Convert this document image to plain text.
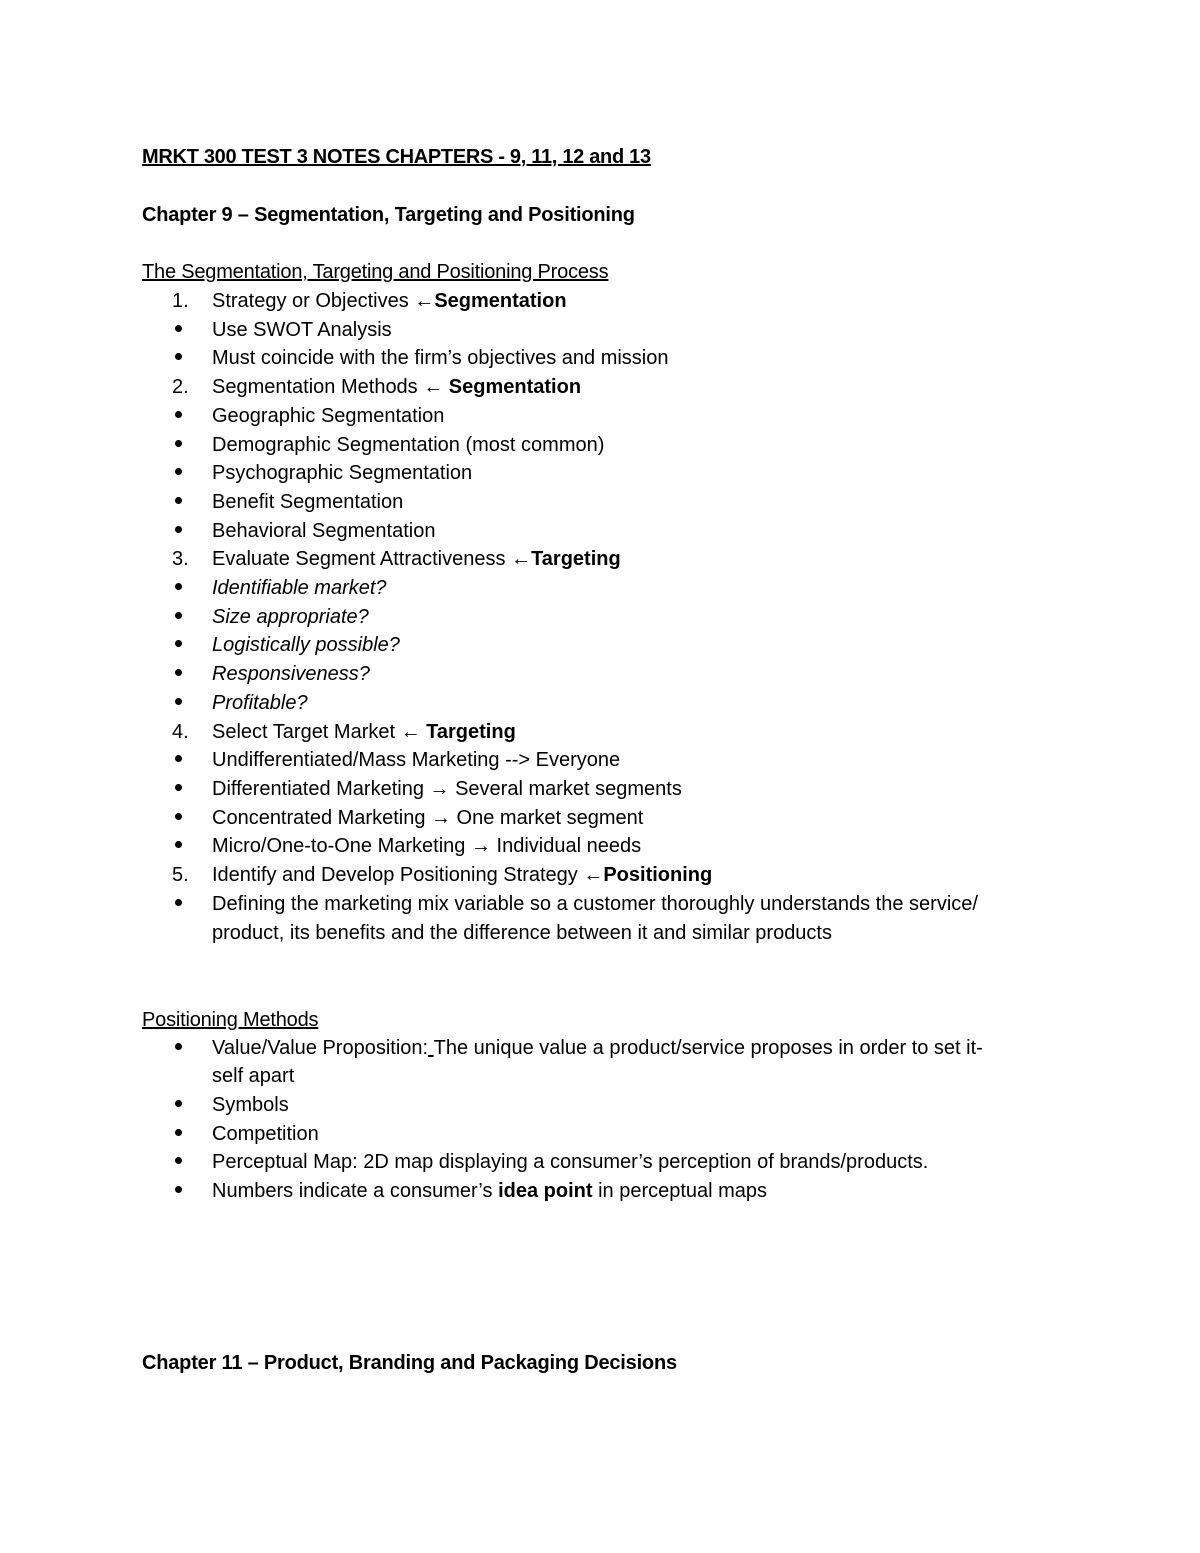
MRKT 300 TEST 3 NOTES CHAPTERS - 9, 11, 12 and 13
Chapter 9 – Segmentation, Targeting and Positioning
The Segmentation, Targeting and Positioning Process
1. Strategy or Objectives ←Segmentation
Use SWOT Analysis
Must coincide with the firm’s objectives and mission
2. Segmentation Methods ← Segmentation
Geographic Segmentation
Demographic Segmentation (most common)
Psychographic Segmentation
Benefit Segmentation
Behavioral Segmentation
3. Evaluate Segment Attractiveness ←Targeting
Identifiable market?
Size appropriate?
Logistically possible?
Responsiveness?
Profitable?
4. Select Target Market ← Targeting
Undifferentiated/Mass Marketing --> Everyone
Differentiated Marketing → Several market segments
Concentrated Marketing → One market segment
Micro/One-to-One Marketing → Individual needs
5. Identify and Develop Positioning Strategy ←Positioning
Defining the marketing mix variable so a customer thoroughly understands the service/
product, its benefits and the difference between it and similar products
Positioning Methods
Value/Value Proposition: The unique value a product/service proposes in order to set it-
self apart
Symbols
Competition
Perceptual Map: 2D map displaying a consumer’s perception of brands/products.
Numbers indicate a consumer’s idea point in perceptual maps
Chapter 11 – Product, Branding and Packaging Decisions
